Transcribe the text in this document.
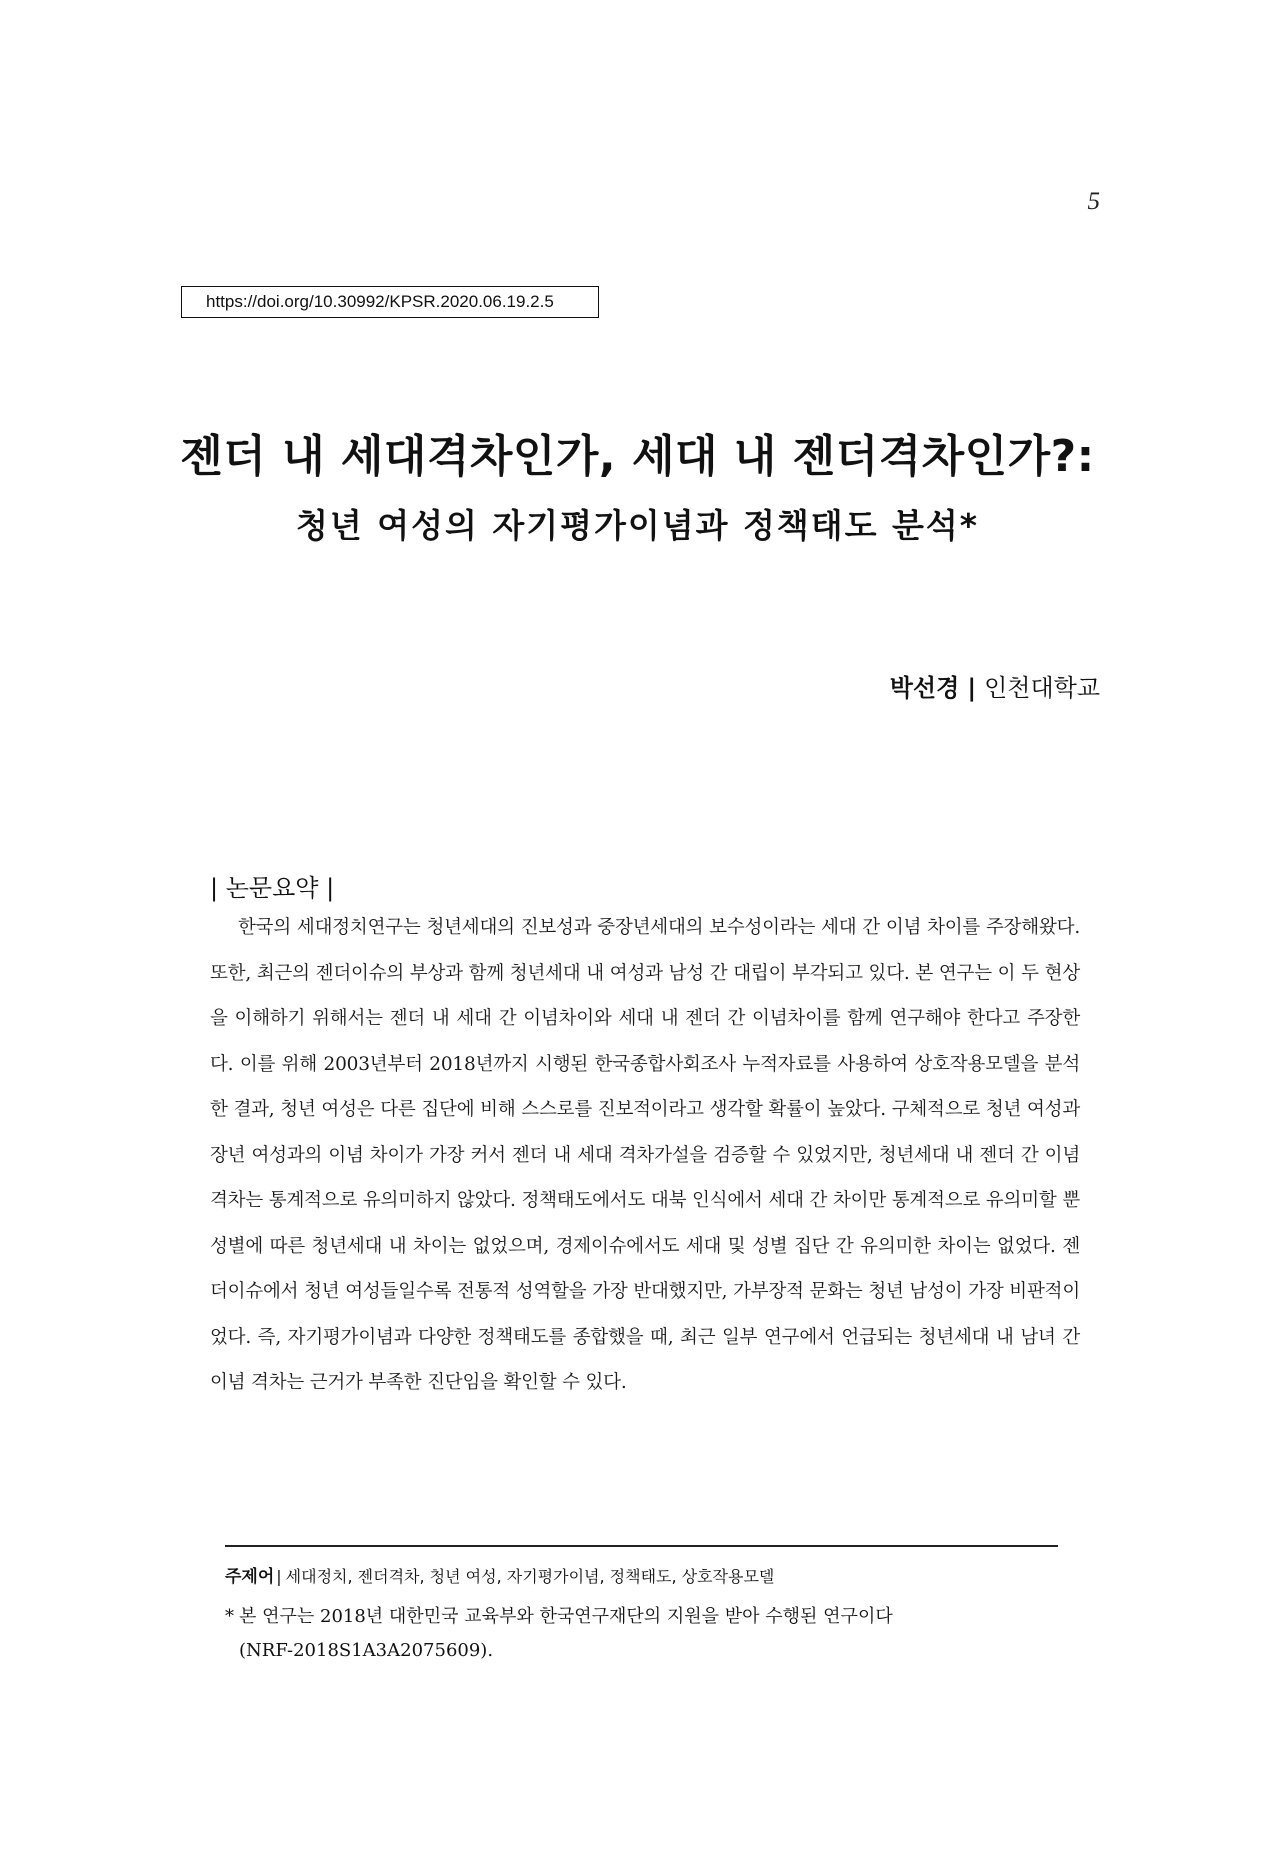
5
https://doi.org/10.30992/KPSR.2020.06.19.2.5
젠더 내 세대격차인가, 세대 내 젠더격차인가?:
청년 여성의 자기평가이념과 정책태도 분석*
박선경 | 인천대학교
| 논문요약 |

한국의 세대정치연구는 청년세대의 진보성과 중장년세대의 보수성이라는 세대 간 이념 차이를 주장해왔다. 또한, 최근의 젠더이슈의 부상과 함께 청년세대 내 여성과 남성 간 대립이 부각되고 있다. 본 연구는 이 두 현상을 이해하기 위해서는 젠더 내 세대 간 이념차이와 세대 내 젠더 간 이념차이를 함께 연구해야 한다고 주장한다. 이를 위해 2003년부터 2018년까지 시행된 한국종합사회조사 누적자료를 사용하여 상호작용모델을 분석한 결과, 청년 여성은 다른 집단에 비해 스스로를 진보적이라고 생각할 확률이 높았다. 구체적으로 청년 여성과 장년 여성과의 이념 차이가 가장 커서 젠더 내 세대 격차가설을 검증할 수 있었지만, 청년세대 내 젠더 간 이념격차는 통계적으로 유의미하지 않았다. 정책태도에서도 대북 인식에서 세대 간 차이만 통계적으로 유의미할 뿐 성별에 따른 청년세대 내 차이는 없었으며, 경제이슈에서도 세대 및 성별 집단 간 유의미한 차이는 없었다. 젠더이슈에서 청년 여성들일수록 전통적 성역할을 가장 반대했지만, 가부장적 문화는 청년 남성이 가장 비판적이었다. 즉, 자기평가이념과 다양한 정책태도를 종합했을 때, 최근 일부 연구에서 언급되는 청년세대 내 남녀 간 이념 격차는 근거가 부족한 진단임을 확인할 수 있다.

주제어 | 세대정치, 젠더격차, 청년 여성, 자기평가이념, 정책태도, 상호작용모델
* 본 연구는 2018년 대한민국 교육부와 한국연구재단의 지원을 받아 수행된 연구이다
(NRF-2018S1A3A2075609).
